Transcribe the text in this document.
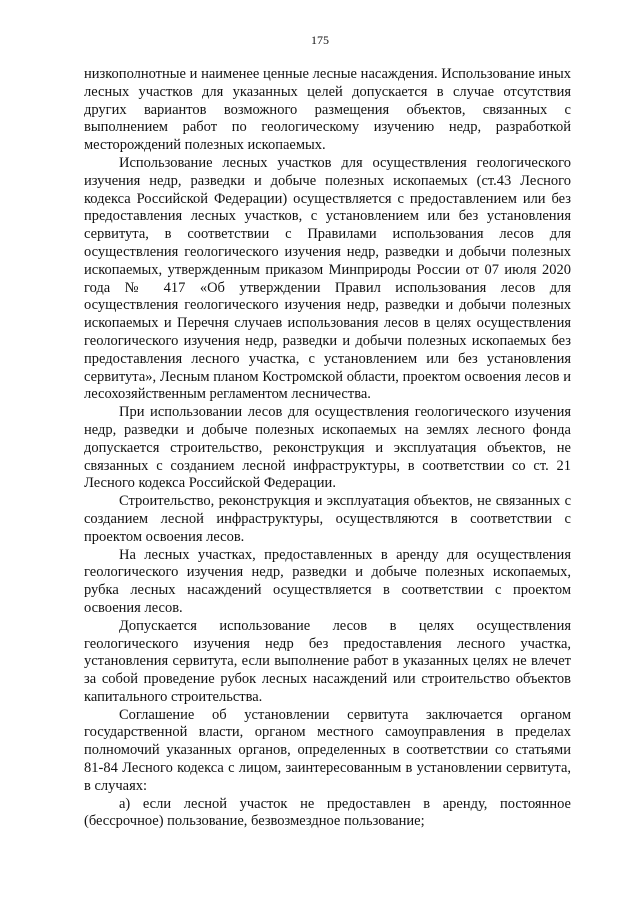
175

низкополнотные и наименее ценные лесные насаждения. Использование иных лесных участков для указанных целей допускается в случае отсутствия других вариантов возможного размещения объектов, связанных с выполнением работ по геологическому изучению недр, разработкой месторождений полезных ископаемых.

Использование лесных участков для осуществления геологического изучения недр, разведки и добыче полезных ископаемых (ст.43 Лесного кодекса Российской Федерации) осуществляется с предоставлением или без предоставления лесных участков, с установлением или без установления сервитута, в соответствии с Правилами использования лесов для осуществления геологического изучения недр, разведки и добычи полезных ископаемых, утвержденным приказом Минприроды России от 07 июля 2020 года № 417 «Об утверждении Правил использования лесов для осуществления геологического изучения недр, разведки и добычи полезных ископаемых и Перечня случаев использования лесов в целях осуществления геологического изучения недр, разведки и добычи полезных ископаемых без предоставления лесного участка, с установлением или без установления сервитута», Лесным планом Костромской области, проектом освоения лесов и лесохозяйственным регламентом лесничества.

При использовании лесов для осуществления геологического изучения недр, разведки и добыче полезных ископаемых на землях лесного фонда допускается строительство, реконструкция и эксплуатация объектов, не связанных с созданием лесной инфраструктуры, в соответствии со ст. 21 Лесного кодекса Российской Федерации.

Строительство, реконструкция и эксплуатация объектов, не связанных с созданием лесной инфраструктуры, осуществляются в соответствии с проектом освоения лесов.

На лесных участках, предоставленных в аренду для осуществления геологического изучения недр, разведки и добыче полезных ископаемых, рубка лесных насаждений осуществляется в соответствии с проектом освоения лесов.

Допускается использование лесов в целях осуществления геологического изучения недр без предоставления лесного участка, установления сервитута, если выполнение работ в указанных целях не влечет за собой проведение рубок лесных насаждений или строительство объектов капитального строительства.

Соглашение об установлении сервитута заключается органом государственной власти, органом местного самоуправления в пределах полномочий указанных органов, определенных в соответствии со статьями 81-84 Лесного кодекса с лицом, заинтересованным в установлении сервитута, в случаях:

а) если лесной участок не предоставлен в аренду, постоянное (бессрочное) пользование, безвозмездное пользование;
